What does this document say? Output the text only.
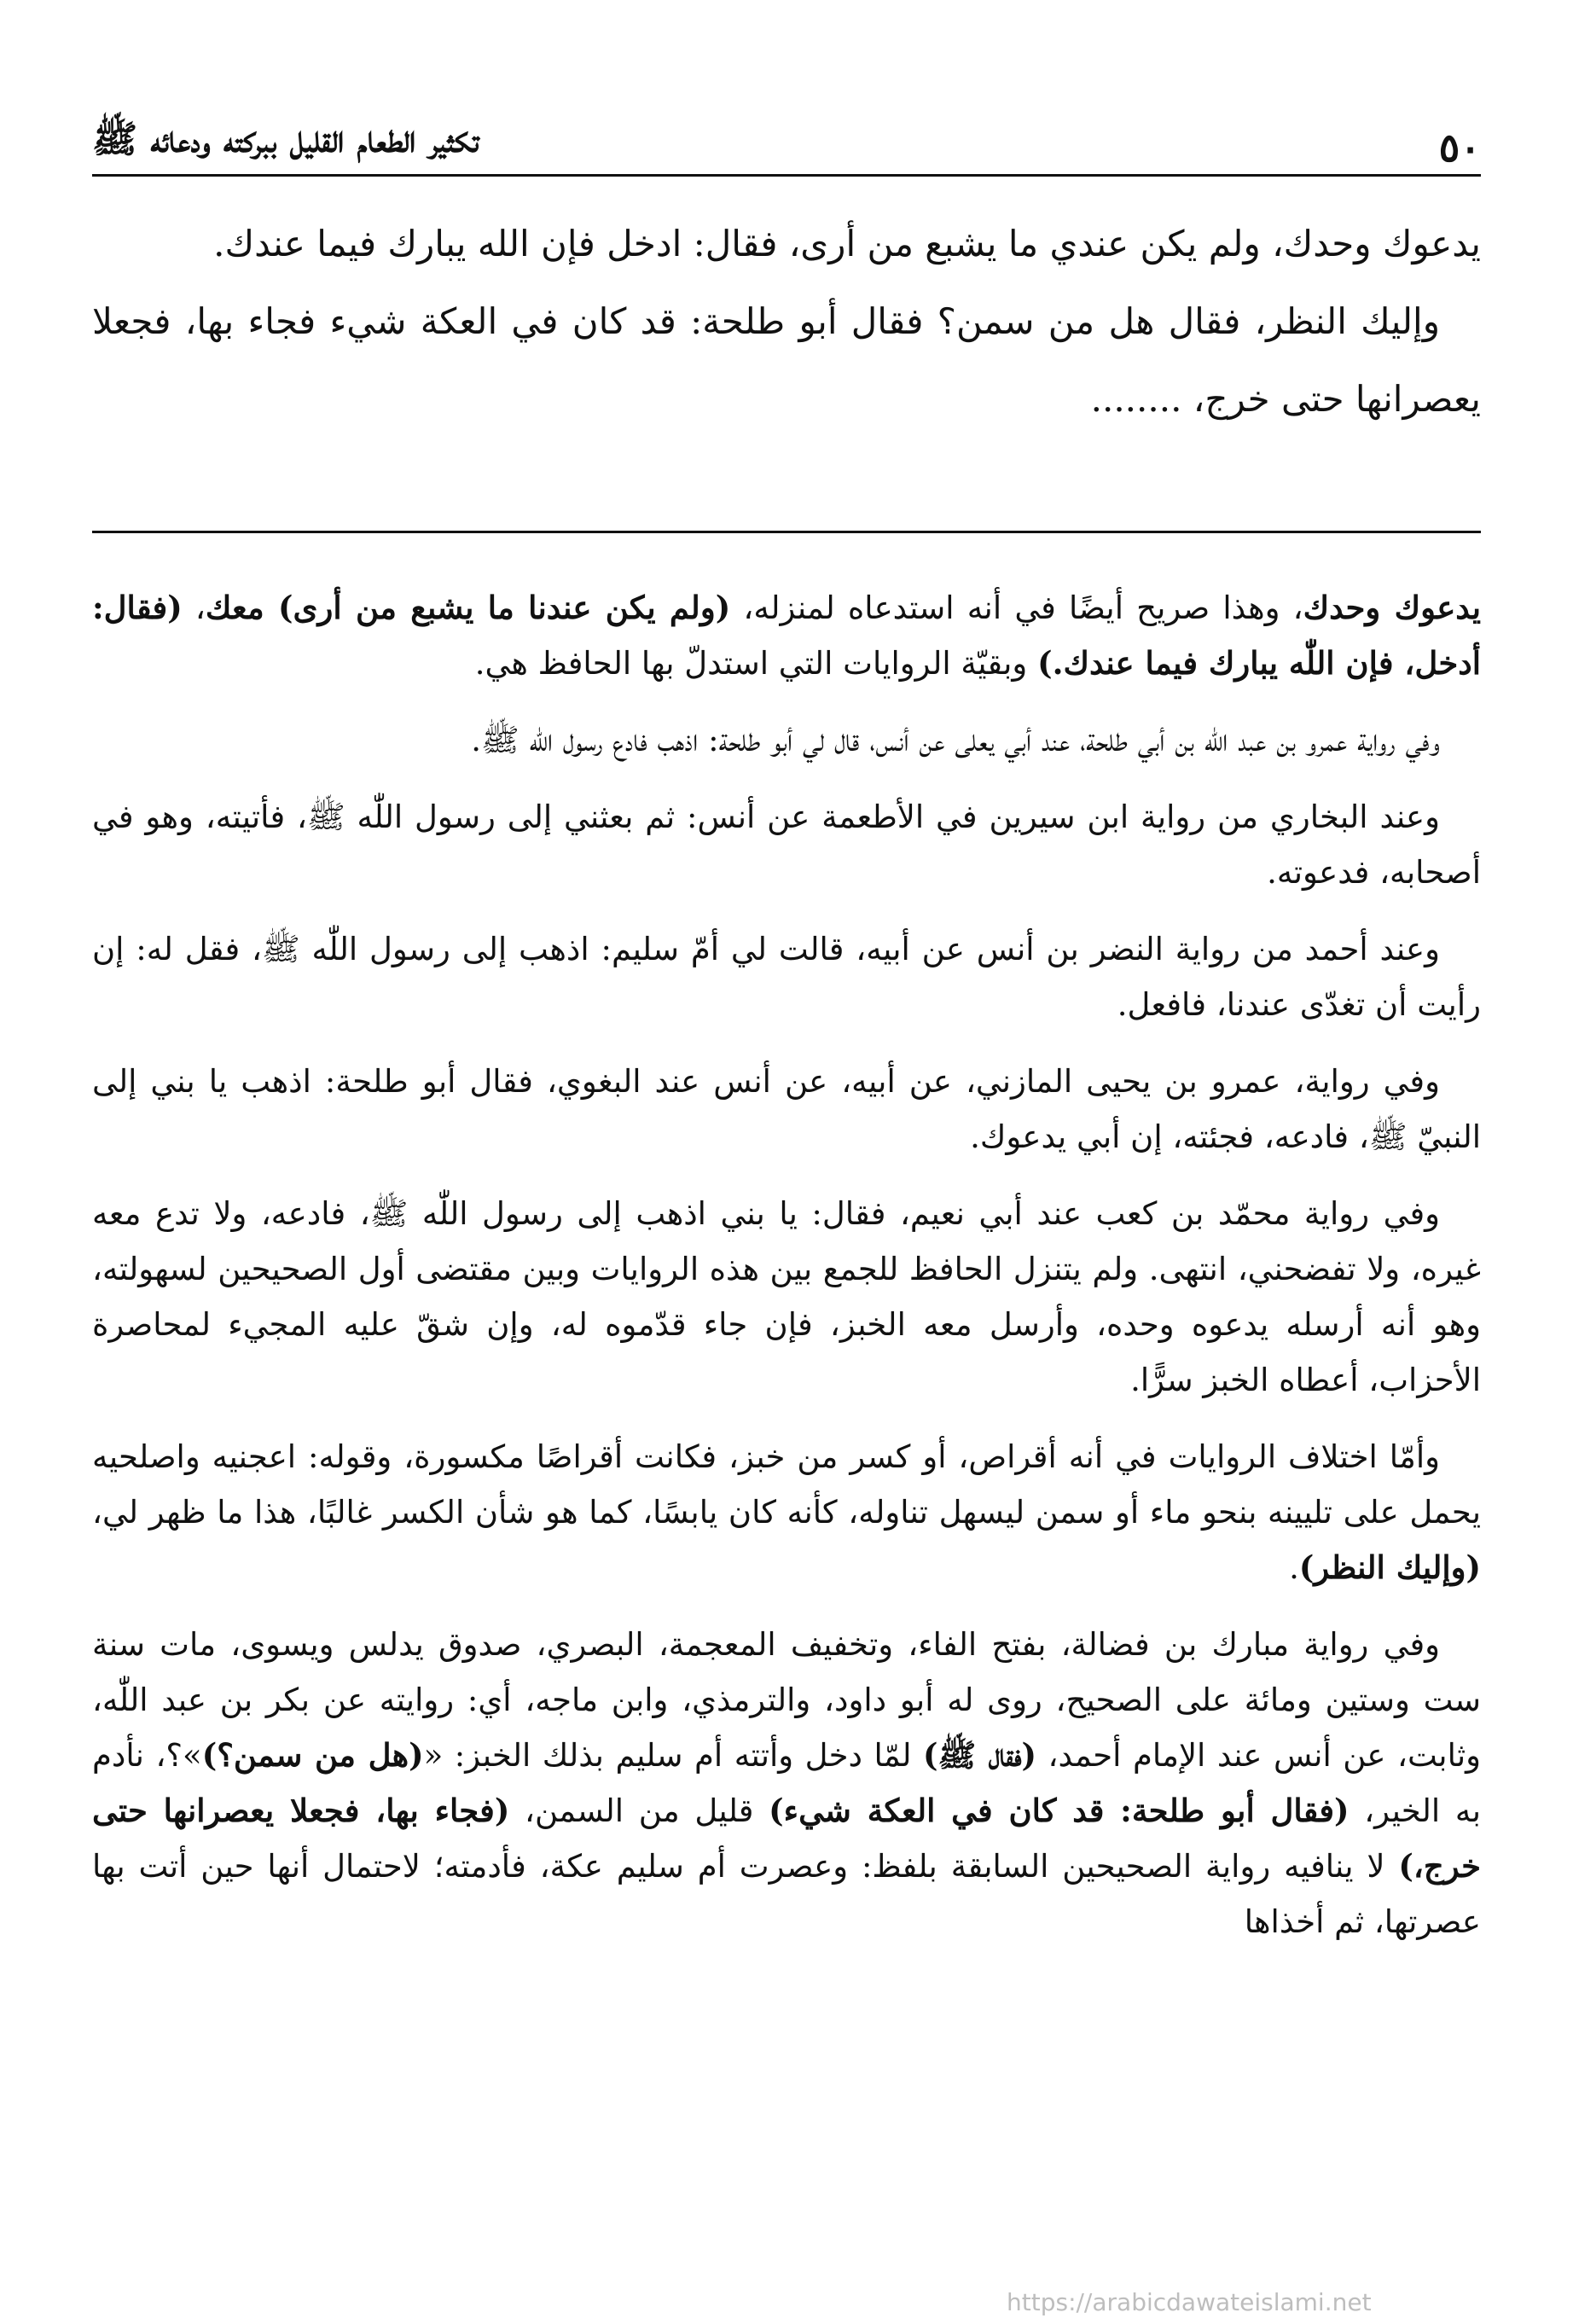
٥٠
تكثير الطعام القليل ببركته ودعائه ﷺ

يدعوك وحدك، ولم يكن عندي ما يشبع من أرى، فقال: ادخل فإن الله يبارك فيما عندك.

وإليك النظر، فقال هل من سمن؟ فقال أبو طلحة: قد كان في العكة شيء فجاء بها، فجعلا يعصرانها حتى خرج، ........

يدعوك وحدك، وهذا صريح أيضًا في أنه استدعاه لمنزله، (ولم يكن عندنا ما يشبع من أرى) معك، (فقال: أدخل، فإن اللّٰه يبارك فيما عندك.) وبقيّة الروايات التي استدلّ بها الحافظ هي.

وفي رواية عمرو بن عبد اللّٰه بن أبي طلحة، عند أبي يعلى عن أنس، قال لي أبو طلحة: اذهب فادع رسول اللّٰه ﷺ.

وعند البخاري من رواية ابن سيرين في الأطعمة عن أنس: ثم بعثني إلى رسول اللّٰه ﷺ، فأتيته، وهو في أصحابه، فدعوته.

وعند أحمد من رواية النضر بن أنس عن أبيه، قالت لي أمّ سليم: اذهب إلى رسول اللّٰه ﷺ، فقل له: إن رأيت أن تغدّى عندنا، فافعل.

وفي رواية، عمرو بن يحيى المازني، عن أبيه، عن أنس عند البغوي، فقال أبو طلحة: اذهب يا بني إلى النبيّ ﷺ، فادعه، فجئته، إن أبي يدعوك.

وفي رواية محمّد بن كعب عند أبي نعيم، فقال: يا بني اذهب إلى رسول اللّٰه ﷺ، فادعه، ولا تدع معه غيره، ولا تفضحني، انتهى. ولم يتنزل الحافظ للجمع بين هذه الروايات وبين مقتضى أول الصحيحين لسهولته، وهو أنه أرسله يدعوه وحده، وأرسل معه الخبز، فإن جاء قدّموه له، وإن شقّ عليه المجيء لمحاصرة الأحزاب، أعطاه الخبز سرًّا.

وأمّا اختلاف الروايات في أنه أقراص، أو كسر من خبز، فكانت أقراصًا مكسورة، وقوله: اعجنيه واصلحيه يحمل على تليينه بنحو ماء أو سمن ليسهل تناوله، كأنه كان يابسًا، كما هو شأن الكسر غالبًا، هذا ما ظهر لي، (وإليك النظر).

وفي رواية مبارك بن فضالة، بفتح الفاء، وتخفيف المعجمة، البصري، صدوق يدلس ويسوى، مات سنة ست وستين ومائة على الصحيح، روى له أبو داود، والترمذي، وابن ماجه، أي: روايته عن بكر بن عبد اللّٰه، وثابت، عن أنس عند الإمام أحمد، (فقال ﷺ) لمّا دخل وأتته أم سليم بذلك الخبز: «(هل من سمن؟)»؟، نأدم به الخير، (فقال أبو طلحة: قد كان في العكة شيء) قليل من السمن، (فجاء بها، فجعلا يعصرانها حتى خرج،) لا ينافيه رواية الصحيحين السابقة بلفظ: وعصرت أم سليم عكة، فأدمته؛ لاحتمال أنها حين أتت بها عصرتها، ثم أخذاها

https://arabicdawateislami.net
